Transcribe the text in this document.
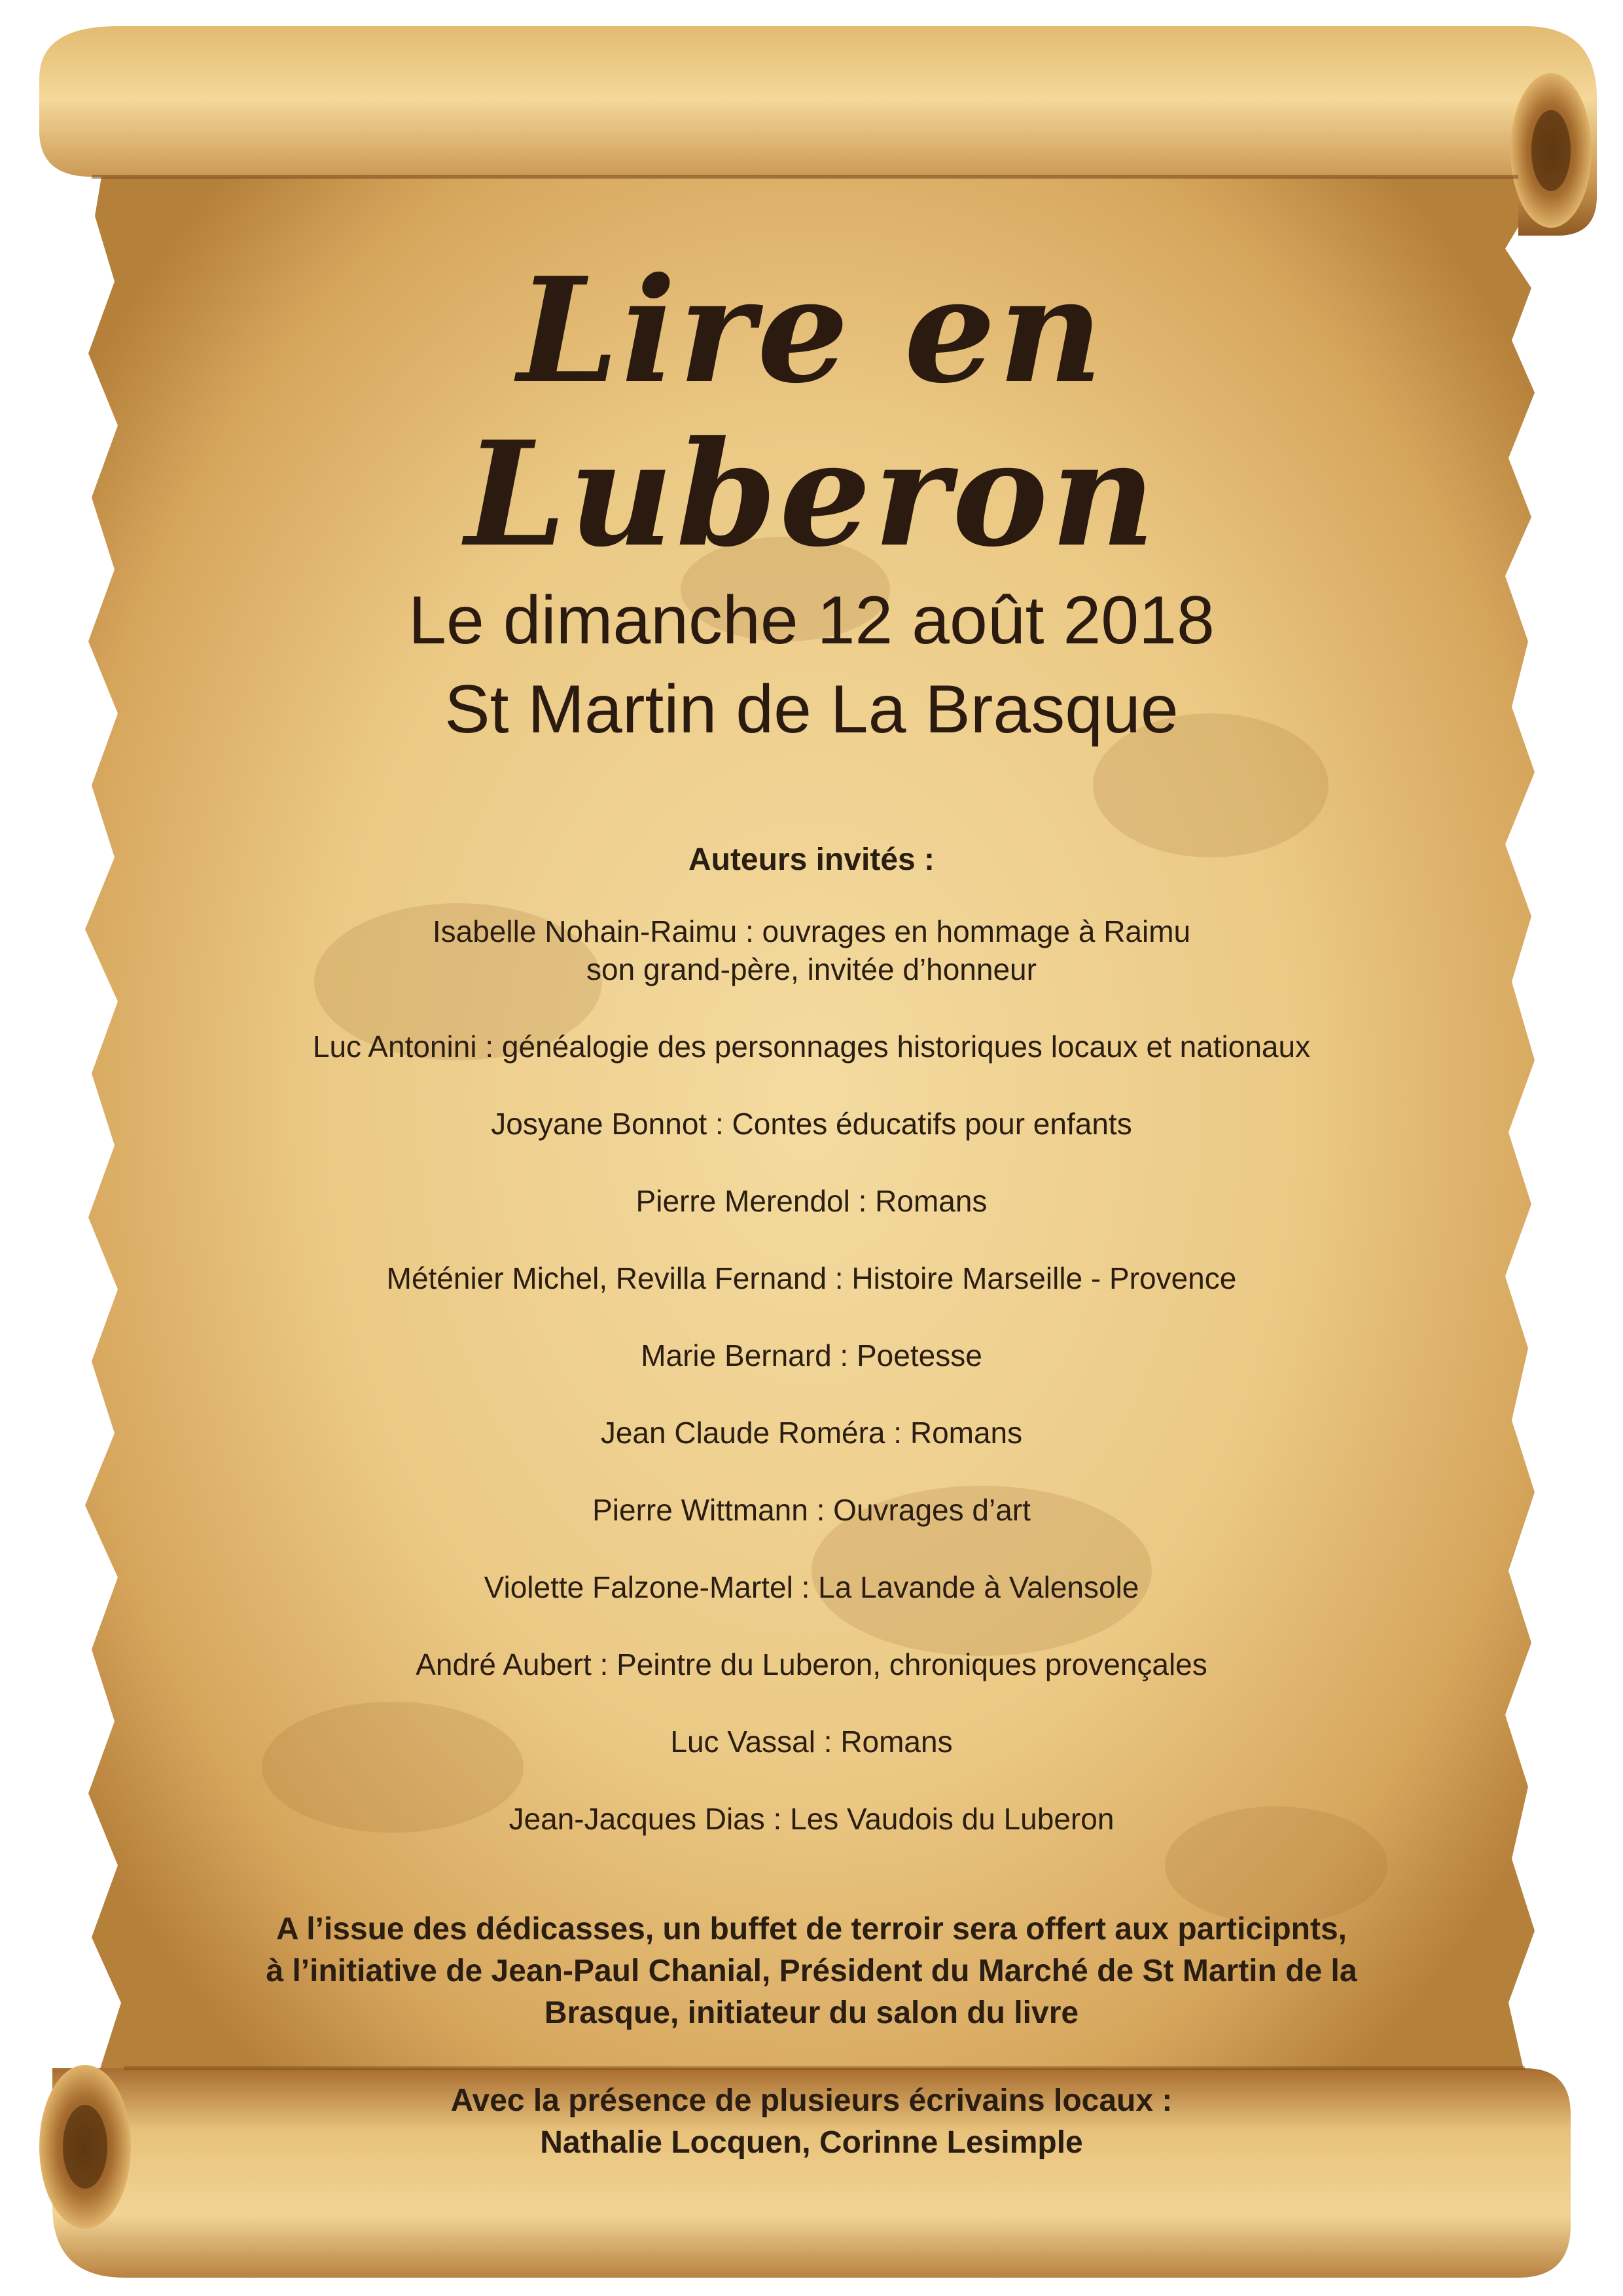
Lire en Luberon

Le dimanche 12 août 2018

St Martin de La Brasque

Auteurs invités :
Isabelle Nohain-Raimu : ouvrages en hommage à Raimu
son grand-père, invitée d’honneur
Luc Antonini : généalogie des personnages historiques locaux et nationaux
Josyane Bonnot : Contes éducatifs pour enfants
Pierre Merendol : Romans
Méténier Michel, Revilla Fernand : Histoire Marseille - Provence
Marie Bernard : Poetesse
Jean Claude Roméra : Romans
Pierre Wittmann : Ouvrages d’art
Violette Falzone-Martel : La Lavande à Valensole
André Aubert : Peintre du Luberon, chroniques provençales
Luc Vassal : Romans
Jean-Jacques Dias : Les Vaudois du Luberon

A l’issue des dédicasses, un buffet de terroir sera offert aux participnts,

à l’initiative de Jean-Paul Chanial, Président du Marché de St Martin de la

Brasque, initiateur du salon du livre

Avec la présence de plusieurs écrivains locaux :

Nathalie Locquen, Corinne Lesimple
